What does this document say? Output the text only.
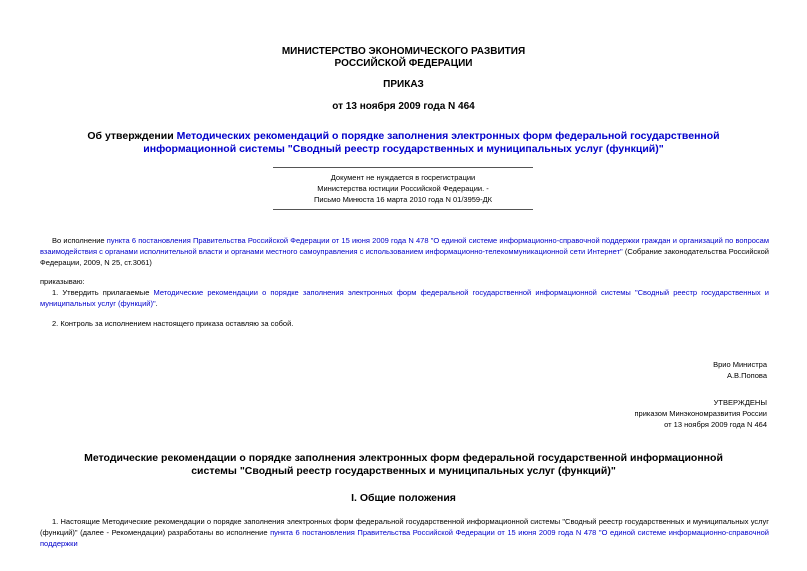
МИНИСТЕРСТВО ЭКОНОМИЧЕСКОГО РАЗВИТИЯ
РОССИЙСКОЙ ФЕДЕРАЦИИ
ПРИКАЗ
от 13 ноября 2009 года N 464
Об утверждении Методических рекомендаций о порядке заполнения электронных форм федеральной государственной информационной системы "Сводный реестр государственных и муниципальных услуг (функций)"
Документ не нуждается в госрегистрации
Министерства юстиции Российской Федерации. -
Письмо Минюста 16 марта 2010 года N 01/3959-ДК
Во исполнение пункта 6 постановления Правительства Российской Федерации от 15 июня 2009 года N 478 "О единой системе информационно-справочной поддержки граждан и организаций по вопросам взаимодействия с органами исполнительной власти и органами местного самоуправления с использованием информационно-телекоммуникационной сети Интернет" (Собрание законодательства Российской Федерации, 2009, N 25, ст.3061)
приказываю:
1. Утвердить прилагаемые Методические рекомендации о порядке заполнения электронных форм федеральной государственной информационной системы "Сводный реестр государственных и муниципальных услуг (функций)".
2. Контроль за исполнением настоящего приказа оставляю за собой.
Врио Министра
А.В.Попова
УТВЕРЖДЕНЫ
приказом Минэкономразвития России
от 13 ноября 2009 года N 464
Методические рекомендации о порядке заполнения электронных форм федеральной государственной информационной системы "Сводный реестр государственных и муниципальных услуг (функций)"
I. Общие положения
1. Настоящие Методические рекомендации о порядке заполнения электронных форм федеральной государственной информационной системы "Сводный реестр государственных и муниципальных услуг (функций)" (далее - Рекомендации) разработаны во исполнение пункта 6 постановления Правительства Российской Федерации от 15 июня 2009 года N 478 "О единой системе информационно-справочной поддержки
